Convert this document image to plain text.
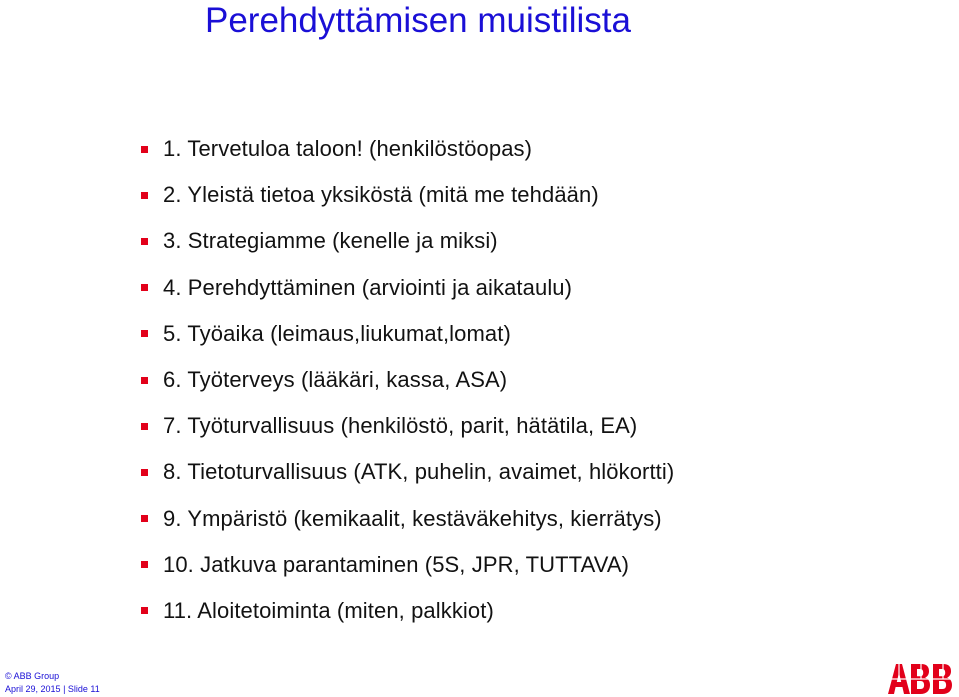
Perehdyttämisen muistilista
1. Tervetuloa taloon! (henkilöstöopas)
2. Yleistä tietoa yksiköstä (mitä me tehdään)
3. Strategiamme (kenelle ja miksi)
4. Perehdyttäminen (arviointi ja aikataulu)
5. Työaika (leimaus,liukumat,lomat)
6. Työterveys (lääkäri, kassa, ASA)
7. Työturvallisuus (henkilöstö, parit, hätätila, EA)
8. Tietoturvallisuus (ATK, puhelin, avaimet, hlökortti)
9. Ympäristö (kemikaalit, kestäväkehitys, kierrätys)
10. Jatkuva parantaminen (5S, JPR, TUTTAVA)
11. Aloitetoiminta (miten, palkkiot)
© ABB Group
April 29, 2015 | Slide 11
